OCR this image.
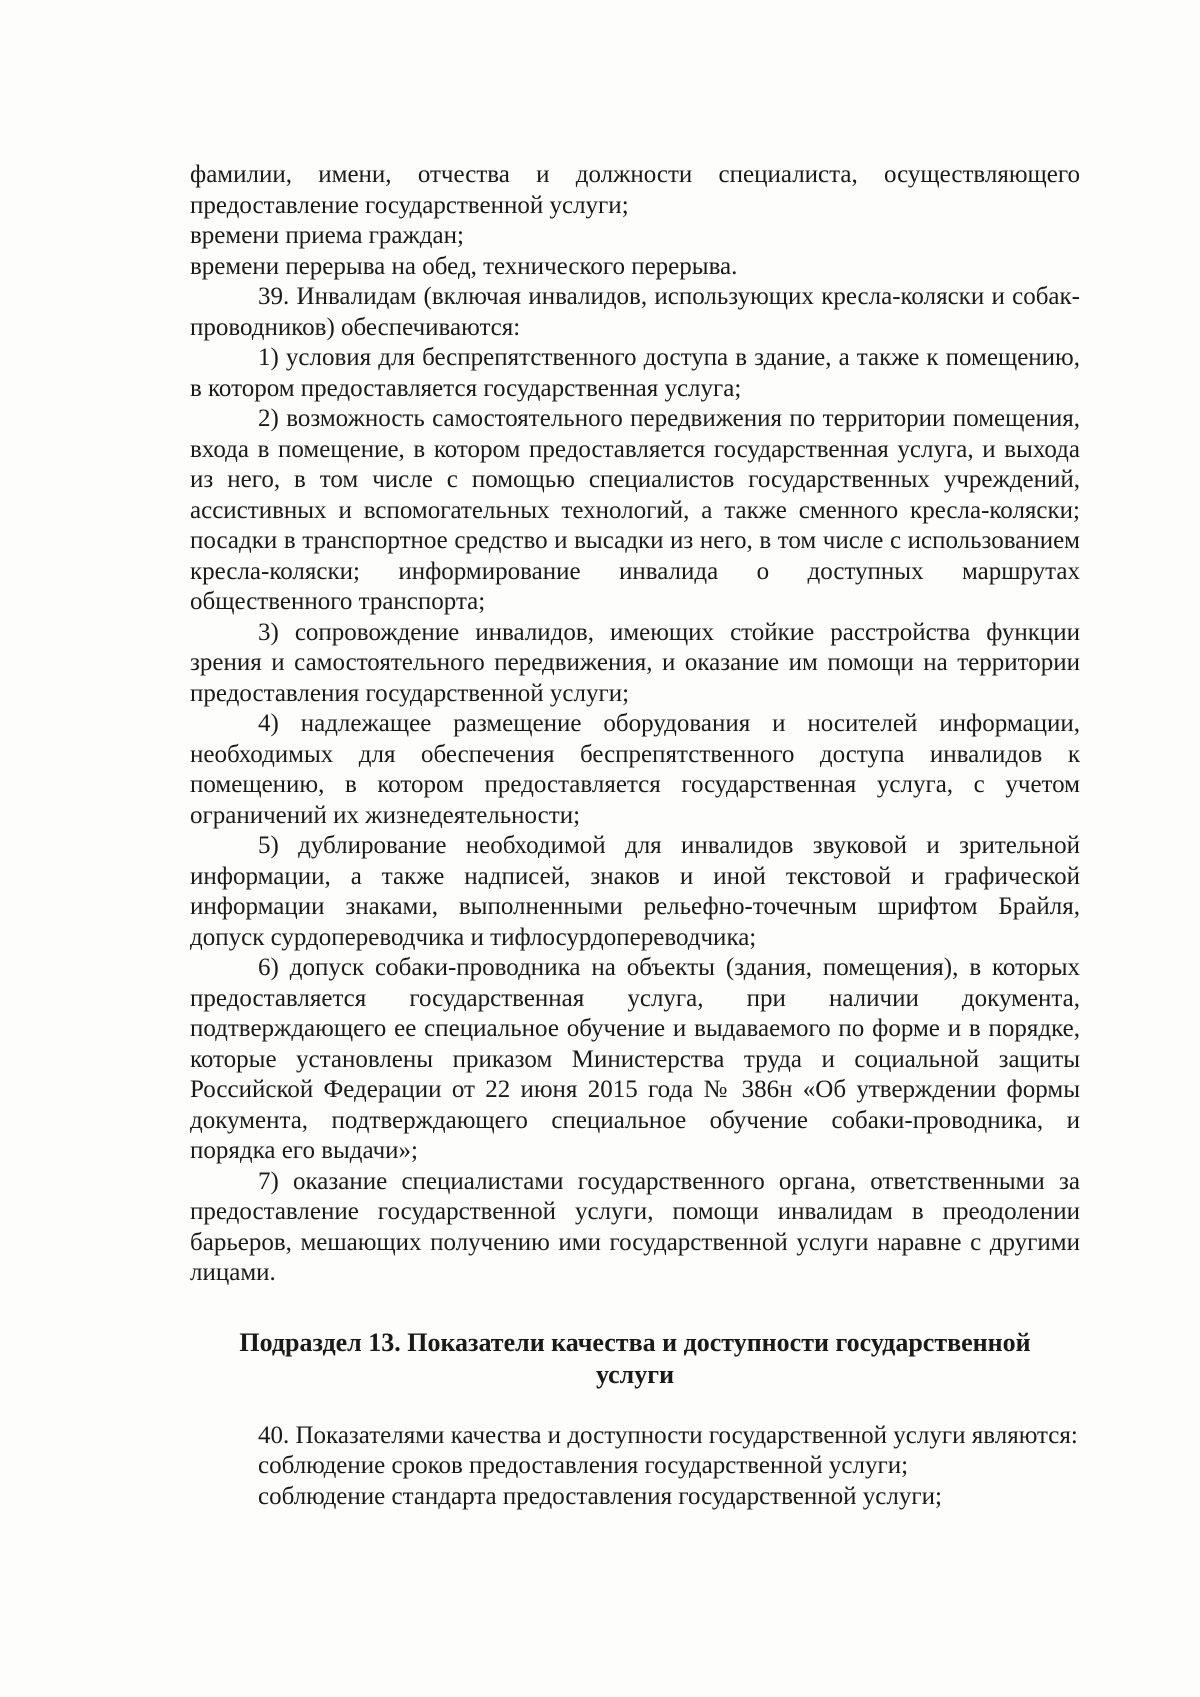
фамилии, имени, отчества и должности специалиста, осуществляющего предоставление государственной услуги;

времени приема граждан;

времени перерыва на обед, технического перерыва.

39. Инвалидам (включая инвалидов, использующих кресла-коляски и собак-проводников) обеспечиваются:

1) условия для беспрепятственного доступа в здание, а также к помещению, в котором предоставляется государственная услуга;

2) возможность самостоятельного передвижения по территории помещения, входа в помещение, в котором предоставляется государственная услуга, и выхода из него, в том числе с помощью специалистов государственных учреждений, ассистивных и вспомогательных технологий, а также сменного кресла-коляски; посадки в транспортное средство и высадки из него, в том числе с использованием кресла-коляски; информирование инвалида о доступных маршрутах общественного транспорта;

3) сопровождение инвалидов, имеющих стойкие расстройства функции зрения и самостоятельного передвижения, и оказание им помощи на территории предоставления государственной услуги;

4) надлежащее размещение оборудования и носителей информации, необходимых для обеспечения беспрепятственного доступа инвалидов к помещению, в котором предоставляется государственная услуга, с учетом ограничений их жизнедеятельности;

5) дублирование необходимой для инвалидов звуковой и зрительной информации, а также надписей, знаков и иной текстовой и графической информации знаками, выполненными рельефно-точечным шрифтом Брайля, допуск сурдопереводчика и тифлосурдопереводчика;

6) допуск собаки-проводника на объекты (здания, помещения), в которых предоставляется государственная услуга, при наличии документа, подтверждающего ее специальное обучение и выдаваемого по форме и в порядке, которые установлены приказом Министерства труда и социальной защиты Российской Федерации от 22 июня 2015 года № 386н «Об утверждении формы документа, подтверждающего специальное обучение собаки-проводника, и порядка его выдачи»;

7) оказание специалистами государственного органа, ответственными за предоставление государственной услуги, помощи инвалидам в преодолении барьеров, мешающих получению ими государственной услуги наравне с другими лицами.

Подраздел 13. Показатели качества и доступности государственной услуги

40. Показателями качества и доступности государственной услуги являются:

соблюдение сроков предоставления государственной услуги;

соблюдение стандарта предоставления государственной услуги;
